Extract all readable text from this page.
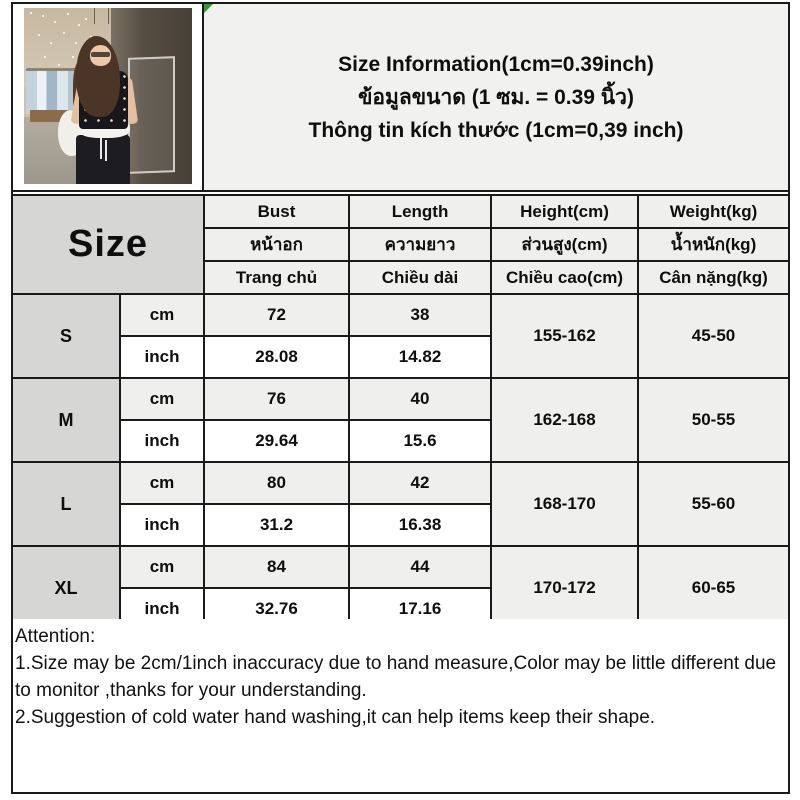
Size Information(1cm=0.39inch)
ข้อมูลขนาด (1 ซม. = 0.39 นิ้ว)
Thông tin kích thước (1cm=0,39 inch)
Size		Bust	Length	Height(cm)	Weight(kg)
		หน้าอก	ความยาว	ส่วนสูง(cm)	น้ำหนัก(kg)
		Trang chủ	Chiều dài	Chiều cao(cm)	Cân nặng(kg)
S	cm	72	38	155-162	45-50
	inch	28.08	14.82		
M	cm	76	40	162-168	50-55
	inch	29.64	15.6		
L	cm	80	42	168-170	55-60
	inch	31.2	16.38		
XL	cm	84	44	170-172	60-65
	inch	32.76	17.16		
Attention:
1.Size may be 2cm/1inch inaccuracy due to hand measure,Color may be little different due to monitor ,thanks for your understanding.
2.Suggestion of cold water hand washing,it can help items keep their shape.
